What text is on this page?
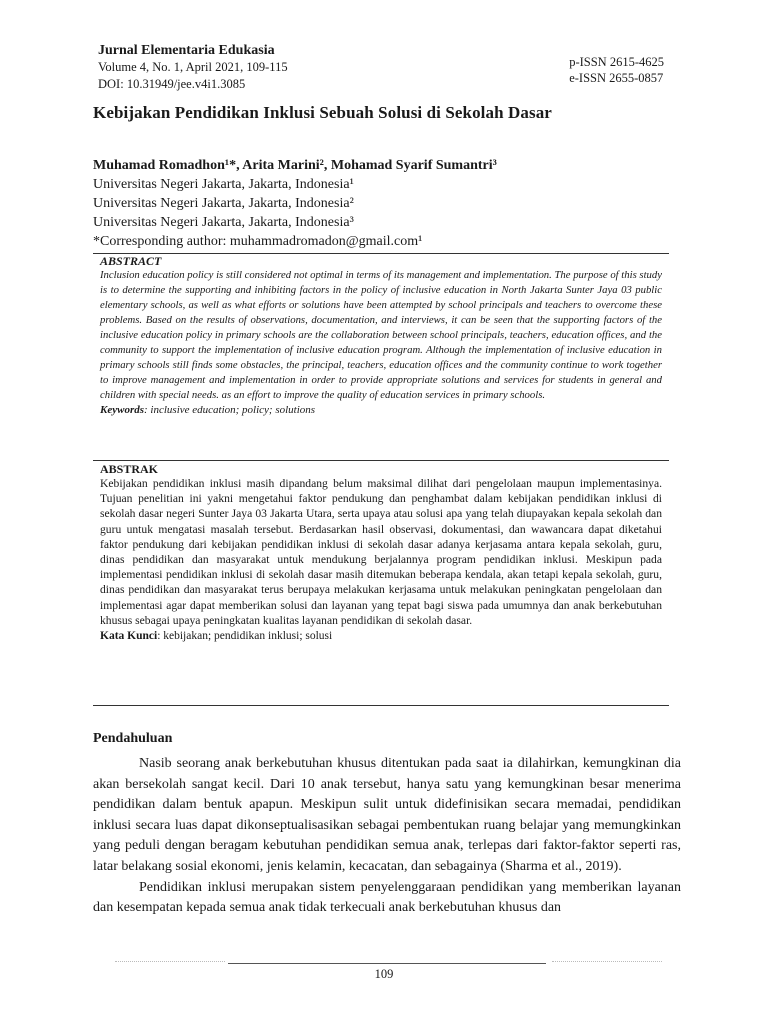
Jurnal Elementaria Edukasia
Volume 4, No. 1, April 2021, 109-115
DOI: 10.31949/jee.v4i1.3085
p-ISSN 2615-4625
e-ISSN 2655-0857
Kebijakan Pendidikan Inklusi Sebuah Solusi di Sekolah Dasar
Muhamad Romadhon¹*, Arita Marini², Mohamad Syarif Sumantri³
Universitas Negeri Jakarta, Jakarta, Indonesia¹
Universitas Negeri Jakarta, Jakarta, Indonesia²
Universitas Negeri Jakarta, Jakarta, Indonesia³
*Corresponding author: muhammadromadon@gmail.com¹
ABSTRACT
Inclusion education policy is still considered not optimal in terms of its management and implementation. The purpose of this study is to determine the supporting and inhibiting factors in the policy of inclusive education in North Jakarta Sunter Jaya 03 public elementary schools, as well as what efforts or solutions have been attempted by school principals and teachers to overcome these problems. Based on the results of observations, documentation, and interviews, it can be seen that the supporting factors of the inclusive education policy in primary schools are the collaboration between school principals, teachers, education offices, and the community to support the implementation of inclusive education program. Although the implementation of inclusive education in primary schools still finds some obstacles, the principal, teachers, education offices and the community continue to work together to improve management and implementation in order to provide appropriate solutions and services for students in general and children with special needs. as an effort to improve the quality of education services in primary schools.
Keywords: inclusive education; policy; solutions
ABSTRAK
Kebijakan pendidikan inklusi masih dipandang belum maksimal dilihat dari pengelolaan maupun implementasinya. Tujuan penelitian ini yakni mengetahui faktor pendukung dan penghambat dalam kebijakan pendidikan inklusi di sekolah dasar negeri Sunter Jaya 03 Jakarta Utara, serta upaya atau solusi apa yang telah diupayakan kepala sekolah dan guru untuk mengatasi masalah tersebut. Berdasarkan hasil observasi, dokumentasi, dan wawancara dapat diketahui faktor pendukung dari kebijakan pendidikan inklusi di sekolah dasar adanya kerjasama antara kepala sekolah, guru, dinas pendidikan dan masyarakat untuk mendukung berjalannya program pendidikan inklusi. Meskipun pada implementasi pendidikan inklusi di sekolah dasar masih ditemukan beberapa kendala, akan tetapi kepala sekolah, guru, dinas pendidikan dan masyarakat terus berupaya melakukan kerjasama untuk melakukan peningkatan pengelolaan dan implementasi agar dapat memberikan solusi dan layanan yang tepat bagi siswa pada umumnya dan anak berkebutuhan khusus sebagai upaya peningkatan kualitas layanan pendidikan di sekolah dasar.
Kata Kunci: kebijakan; pendidikan inklusi; solusi
Pendahuluan

Nasib seorang anak berkebutuhan khusus ditentukan pada saat ia dilahirkan, kemungkinan dia akan bersekolah sangat kecil. Dari 10 anak tersebut, hanya satu yang kemungkinan besar menerima pendidikan dalam bentuk apapun. Meskipun sulit untuk didefinisikan secara memadai, pendidikan inklusi secara luas dapat dikonseptualisasikan sebagai pembentukan ruang belajar yang memungkinkan yang peduli dengan beragam kebutuhan pendidikan semua anak, terlepas dari faktor-faktor seperti ras, latar belakang sosial ekonomi, jenis kelamin, kecacatan, dan sebagainya (Sharma et al., 2019).

Pendidikan inklusi merupakan sistem penyelenggaraan pendidikan yang memberikan layanan dan kesempatan kepada semua anak tidak terkecuali anak berkebutuhan khusus dan

109
